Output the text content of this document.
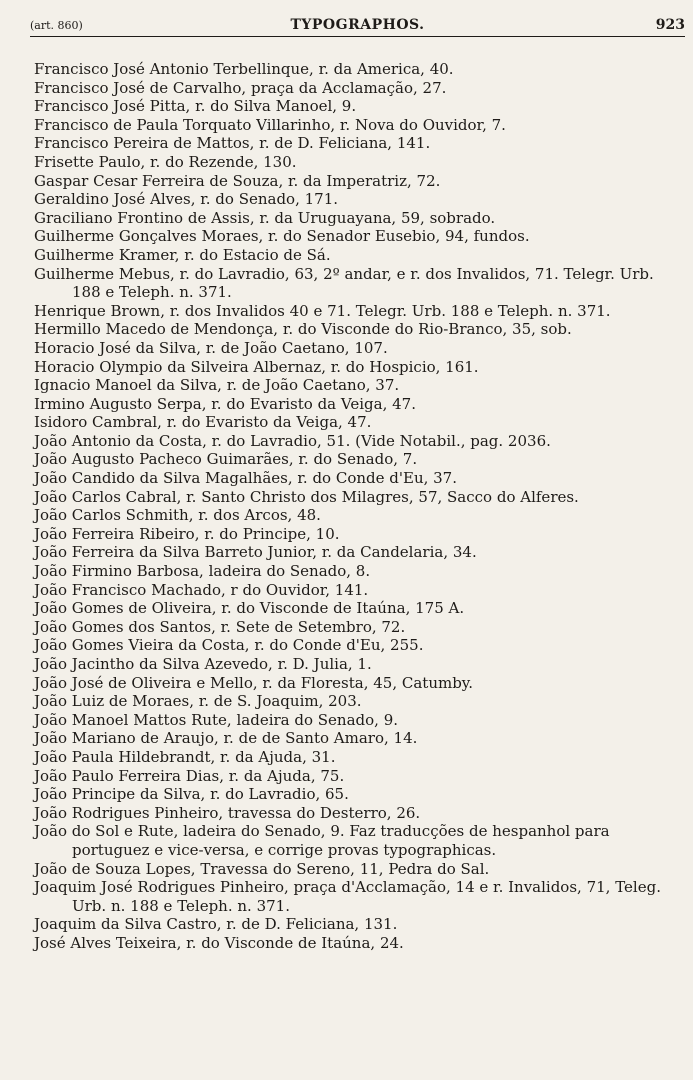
(art. 860)	TYPOGRAPHOS.	923
Francisco José Antonio Terbellinque, r. da America, 40.
Francisco José de Carvalho, praça da Acclamação, 27.
Francisco José Pitta, r. do Silva Manoel, 9.
Francisco de Paula Torquato Villarinho, r. Nova do Ouvidor, 7.
Francisco Pereira de Mattos, r. de D. Feliciana, 141.
Frisette Paulo, r. do Rezende, 130.
Gaspar Cesar Ferreira de Souza, r. da Imperatriz, 72.
Geraldino José Alves, r. do Senado, 171.
Graciliano Frontino de Assis, r. da Uruguayana, 59, sobrado.
Guilherme Gonçalves Moraes, r. do Senador Eusebio, 94, fundos.
Guilherme Kramer, r. do Estacio de Sá.
Guilherme Mebus, r. do Lavradio, 63, 2º andar, e r. dos Invalidos, 71. Telegr. Urb. 188 e Teleph. n. 371.
Henrique Brown, r. dos Invalidos 40 e 71. Telegr. Urb. 188 e Teleph. n. 371.
Hermillo Macedo de Mendonça, r. do Visconde do Rio-Branco, 35, sob.
Horacio José da Silva, r. de João Caetano, 107.
Horacio Olympio da Silveira Albernaz, r. do Hospicio, 161.
Ignacio Manoel da Silva, r. de João Caetano, 37.
Irmino Augusto Serpa, r. do Evaristo da Veiga, 47.
Isidoro Cambral, r. do Evaristo da Veiga, 47.
João Antonio da Costa, r. do Lavradio, 51. (Vide Notabil., pag. 2036.
João Augusto Pacheco Guimarães, r. do Senado, 7.
João Candido da Silva Magalhães, r. do Conde d'Eu, 37.
João Carlos Cabral, r. Santo Christo dos Milagres, 57, Sacco do Alferes.
João Carlos Schmith, r. dos Arcos, 48.
João Ferreira Ribeiro, r. do Principe, 10.
João Ferreira da Silva Barreto Junior, r. da Candelaria, 34.
João Firmino Barbosa, ladeira do Senado, 8.
João Francisco Machado, r do Ouvidor, 141.
João Gomes de Oliveira, r. do Visconde de Itaúna, 175 A.
João Gomes dos Santos, r. Sete de Setembro, 72.
João Gomes Vieira da Costa, r. do Conde d'Eu, 255.
João Jacintho da Silva Azevedo, r. D. Julia, 1.
João José de Oliveira e Mello, r. da Floresta, 45, Catumby.
João Luiz de Moraes, r. de S. Joaquim, 203.
João Manoel Mattos Rute, ladeira do Senado, 9.
João Mariano de Araujo, r. de de Santo Amaro, 14.
João Paula Hildebrandt, r. da Ajuda, 31.
João Paulo Ferreira Dias, r. da Ajuda, 75.
João Principe da Silva, r. do Lavradio, 65.
João Rodrigues Pinheiro, travessa do Desterro, 26.
João do Sol e Rute, ladeira do Senado, 9. Faz traducções de hespanhol para portuguez e vice-versa, e corrige provas typographicas.
João de Souza Lopes, Travessa do Sereno, 11, Pedra do Sal.
Joaquim José Rodrigues Pinheiro, praça d'Acclamação, 14 e r. Invalidos, 71, Teleg. Urb. n. 188 e Teleph. n. 371.
Joaquim da Silva Castro, r. de D. Feliciana, 131.
José Alves Teixeira, r. do Visconde de Itaúna, 24.
